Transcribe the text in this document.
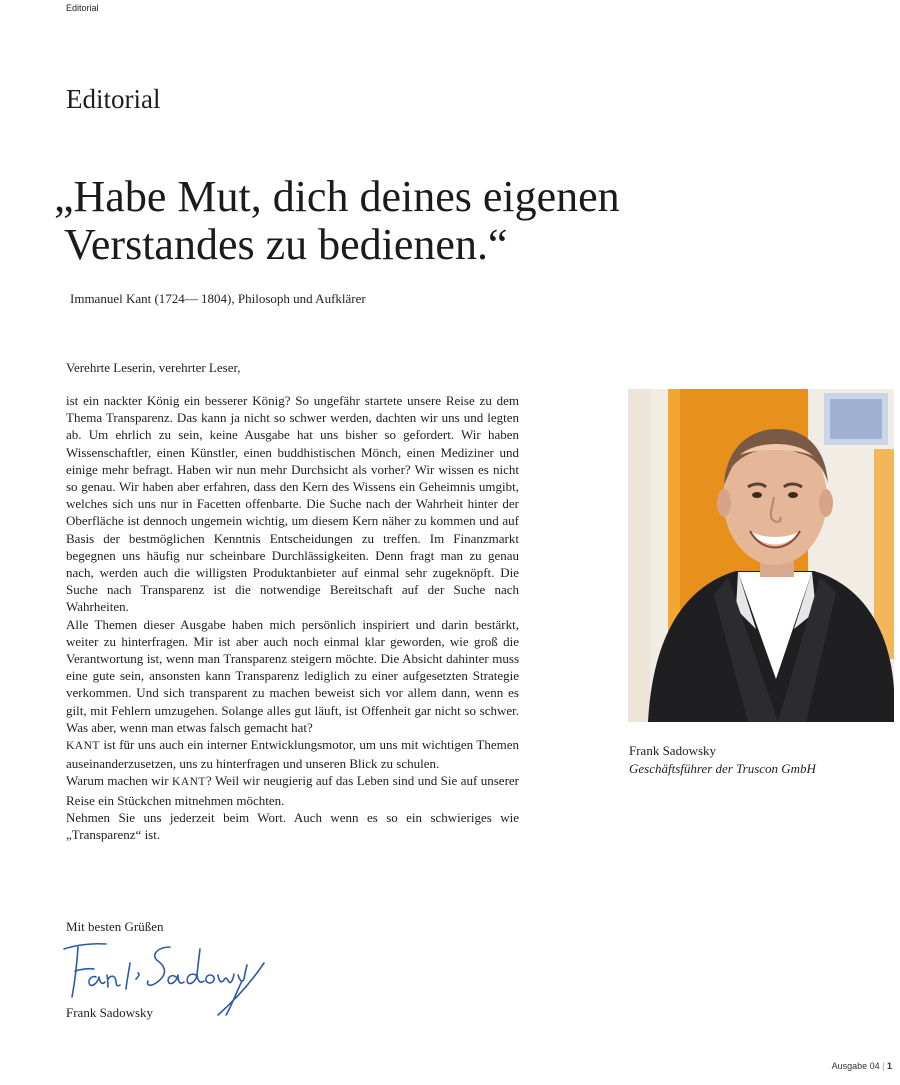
Editorial
Editorial
„Habe Mut, dich deines eigenen

Verstandes zu bedienen.“
Immanuel Kant (1724— 1804), Philosoph und Aufklärer
Verehrte Leserin, verehrter Leser,

ist ein nackter König ein besserer König? So ungefähr startete unsere Reise zu dem Thema Transparenz. Das kann ja nicht so schwer werden, dachten wir uns und legten ab. Um ehrlich zu sein, keine Ausgabe hat uns bisher so gefordert. Wir haben Wissenschaftler, einen Künstler, einen buddhistischen Mönch, einen Mediziner und einige mehr befragt. Haben wir nun mehr Durchsicht als vorher? Wir wissen es nicht so genau. Wir haben aber erfahren, dass den Kern des Wissens ein Geheimnis umgibt, welches sich uns nur in Facetten offenbarte. Die Suche nach der Wahrheit hinter der Oberfläche ist dennoch ungemein wichtig, um diesem Kern näher zu kommen und auf Basis der bestmöglichen Kenntnis Entscheidungen zu treffen. Im Finanzmarkt begegnen uns häufig nur scheinbare Durchlässigkeiten. Denn fragt man zu genau nach, werden auch die willigsten Produktanbieter auf einmal sehr zugeknöpft. Die Suche nach Transparenz ist die notwendige Bereitschaft auf der Suche nach Wahrheiten.

Alle Themen dieser Ausgabe haben mich persönlich inspiriert und darin bestärkt, weiter zu hinterfragen. Mir ist aber auch noch einmal klar geworden, wie groß die Verantwortung ist, wenn man Transparenz steigern möchte. Die Absicht dahinter muss eine gute sein, ansonsten kann Transparenz lediglich zu einer aufgesetzten Strategie verkommen. Und sich transparent zu machen beweist sich vor allem dann, wenn es gilt, mit Fehlern umzugehen. Solange alles gut läuft, ist Offenheit gar nicht so schwer. Was aber, wenn man etwas falsch gemacht hat?

KANT ist für uns auch ein interner Entwicklungsmotor, um uns mit wichtigen Themen auseinanderzusetzen, uns zu hinterfragen und unseren Blick zu schulen.

Warum machen wir KANT? Weil wir neugierig auf das Leben sind und Sie auf unserer Reise ein Stückchen mitnehmen möchten.

Nehmen Sie uns jederzeit beim Wort. Auch wenn es so ein schwieriges wie „Transparenz“ ist.

Mit besten Grüßen
Frank Sadowsky
Frank Sadowsky
Geschäftsführer der Truscon GmbH
Ausgabe 04 | 1
